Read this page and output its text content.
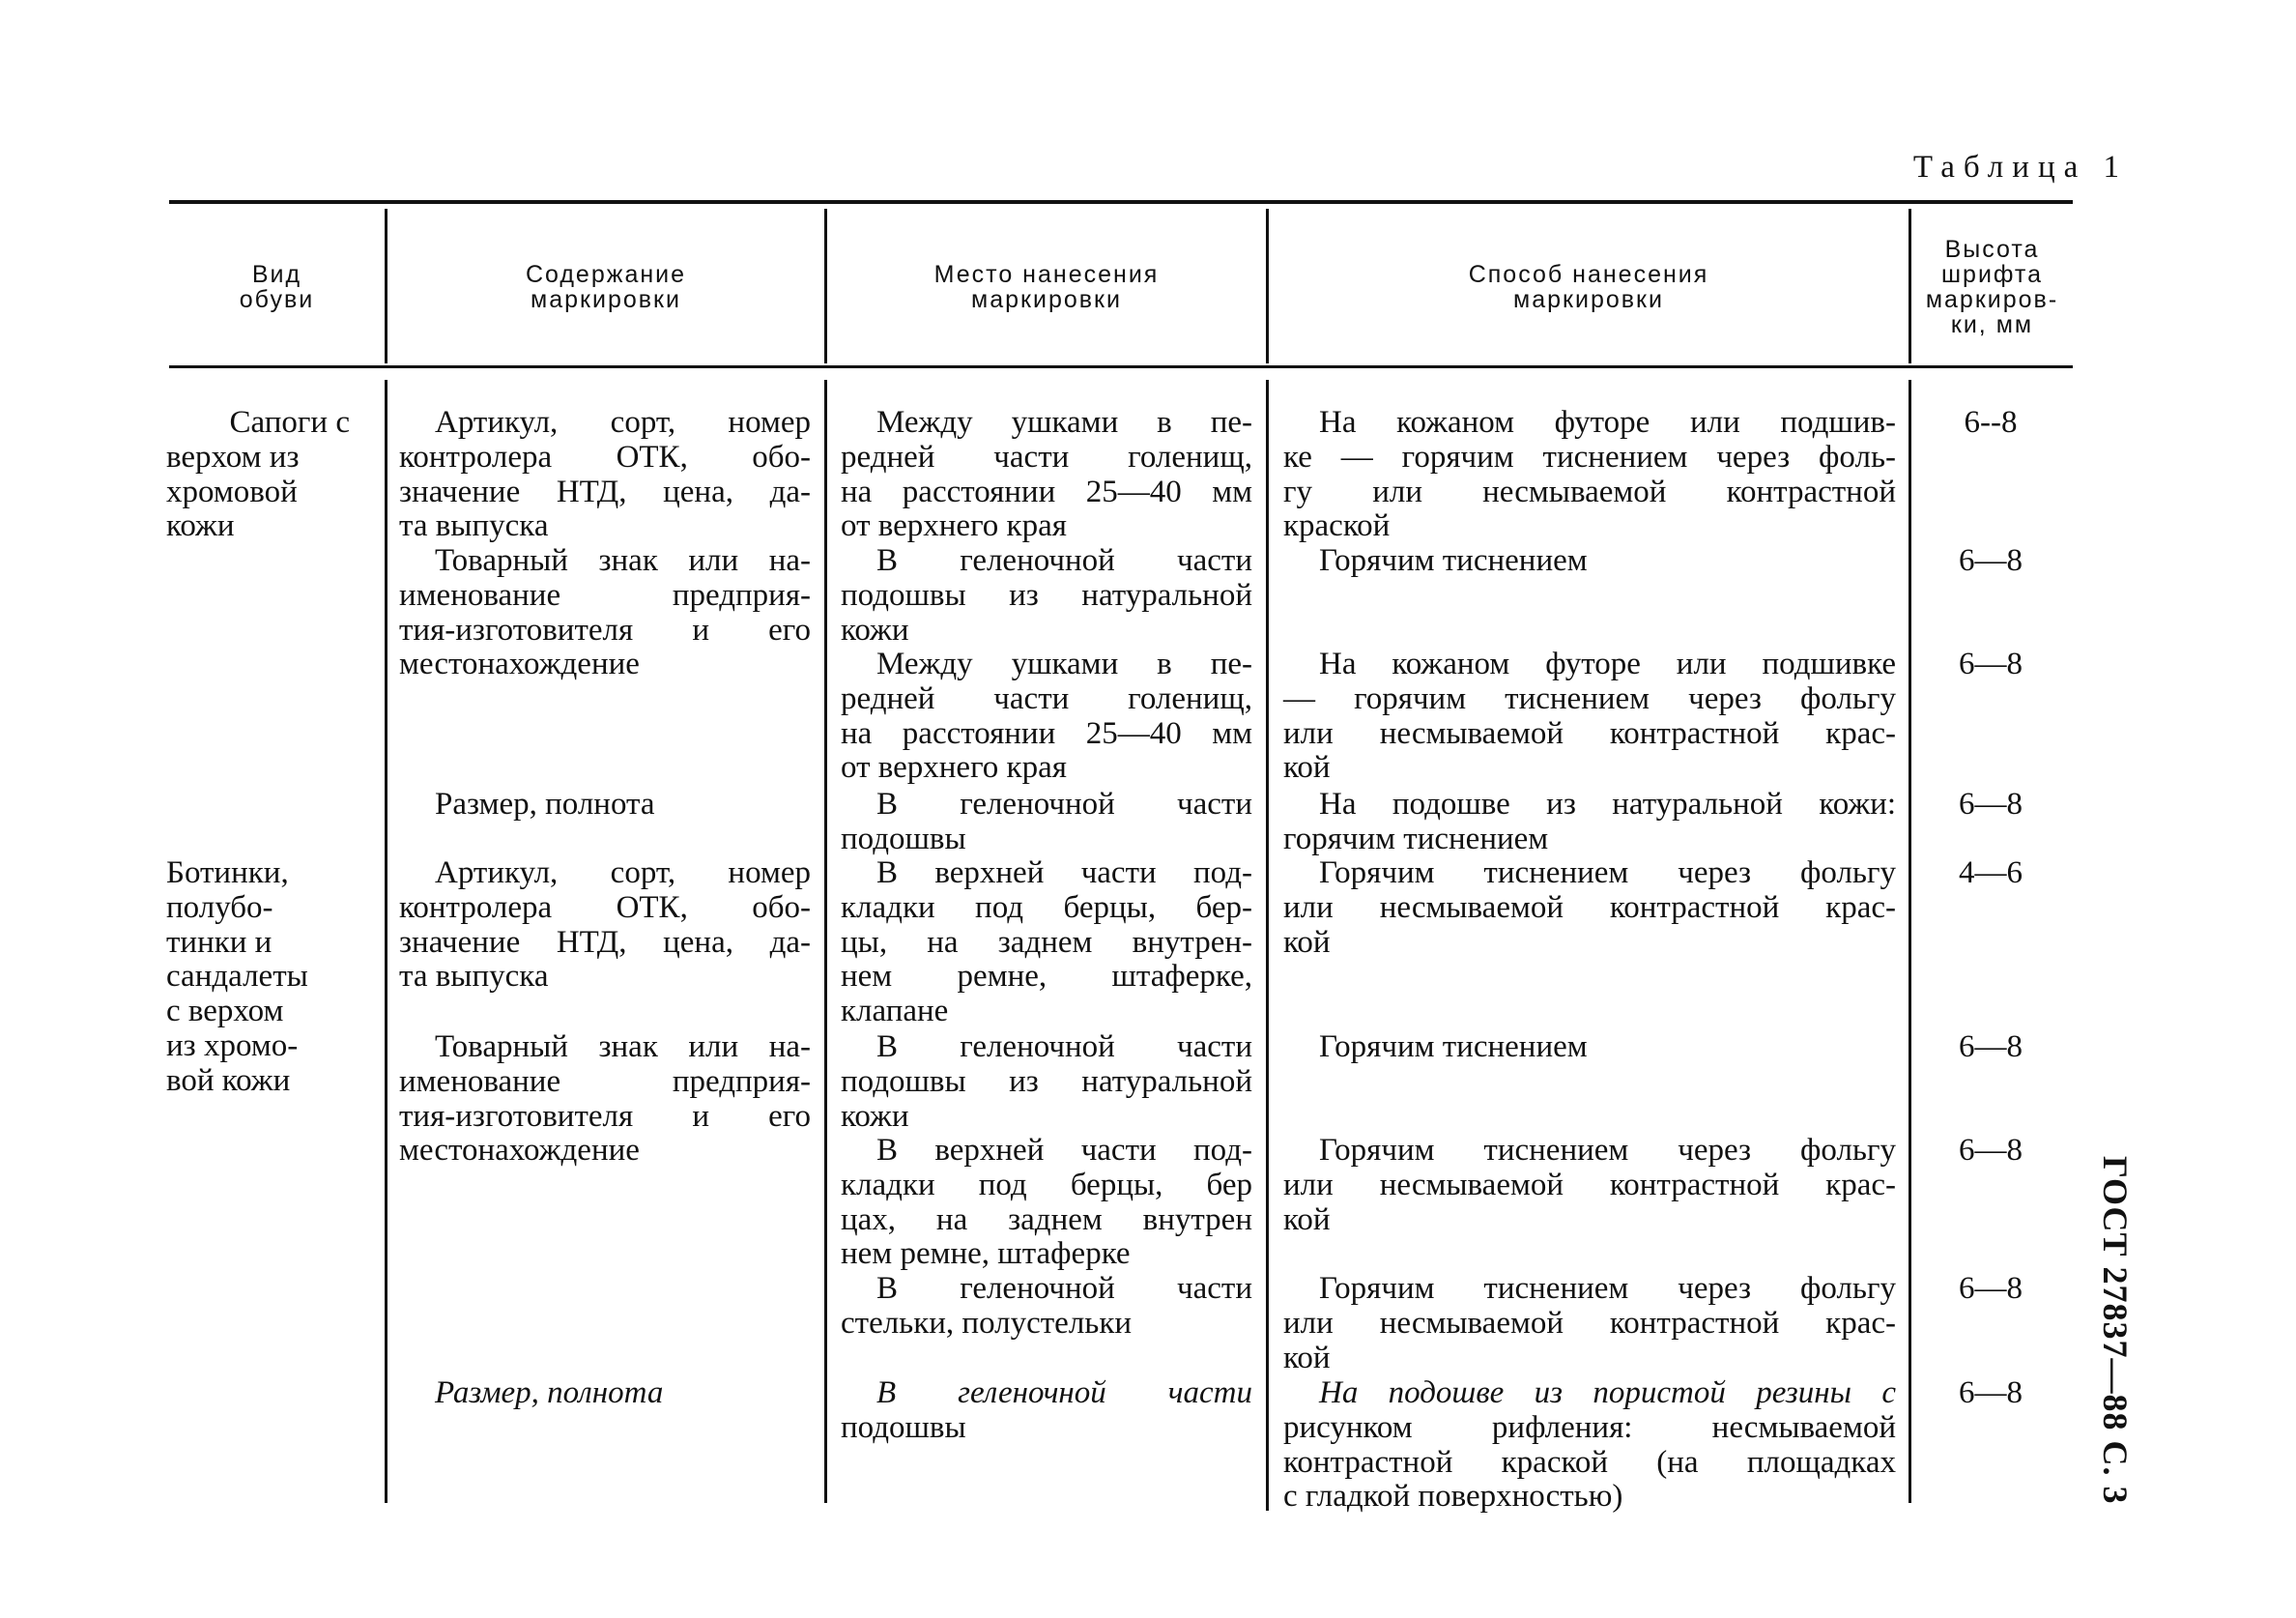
Таблица 1
ГОСТ 27837—88 С. 3
Вид
обуви
Содержание
маркировки
Место нанесения
маркировки
Способ нанесения
маркировки
Высота
шрифта
маркиров-
ки, мм
Сапоги с
верхом из
хромовой
кожи
Ботинки,
полубо-
тинки и
сандалеты
с верхом
из хромо-
вой кожи
Артикул, сорт, номер
контролера ОТК, обо-
значение НТД, цена, да-
та выпуска
Товарный знак или на-
именование предприя-
тия-изготовителя и его
местонахождение
Размер, полнота
Артикул, сорт, номер
контролера ОТК, обо-
значение НТД, цена, да-
та выпуска
Товарный знак или на-
именование предприя-
тия-изготовителя и его
местонахождение
Размер, полнота
Между ушками в пе-
редней части голенищ,
на расстоянии 25—40 мм
от верхнего края
На кожаном футоре или подшив-
ке — горячим тиснением через фоль-
гу или несмываемой контрастной
краской
6--8
В геленочной части
подошвы из натуральной
кожи
Горячим тиснением	6—8
Между ушками в пе-
редней части голенищ,
на расстоянии 25—40 мм
от верхнего края
На кожаном футоре или подшивке
— горячим тиснением через фольгу
или несмываемой контрастной крас-
кой
6—8
В геленочной части
подошвы
На подошве из натуральной кожи:
горячим тиснением
6—8
В верхней части под-
кладки под берцы, бер-
цы, на заднем внутрен-
нем ремне, штаферке,
клапане
Горячим тиснением через фольгу
или несмываемой контрастной крас-
кой
4—6
В геленочной части
подошвы из натуральной
кожи
Горячим тиснением	6—8
В верхней части под-
кладки под берцы, бер
цах, на заднем внутрен
нем ремне, штаферке
Горячим тиснением через фольгу
или несмываемой контрастной крас-
кой
6—8
В геленочной части
стельки, полустельки
Горячим тиснением через фольгу
или несмываемой контрастной крас-
кой
6—8
В геленочной части
подошвы
На подошве из пористой резины с
рисунком рифления: несмываемой
контрастной краской (на площадках
с гладкой поверхностью)
6—8
